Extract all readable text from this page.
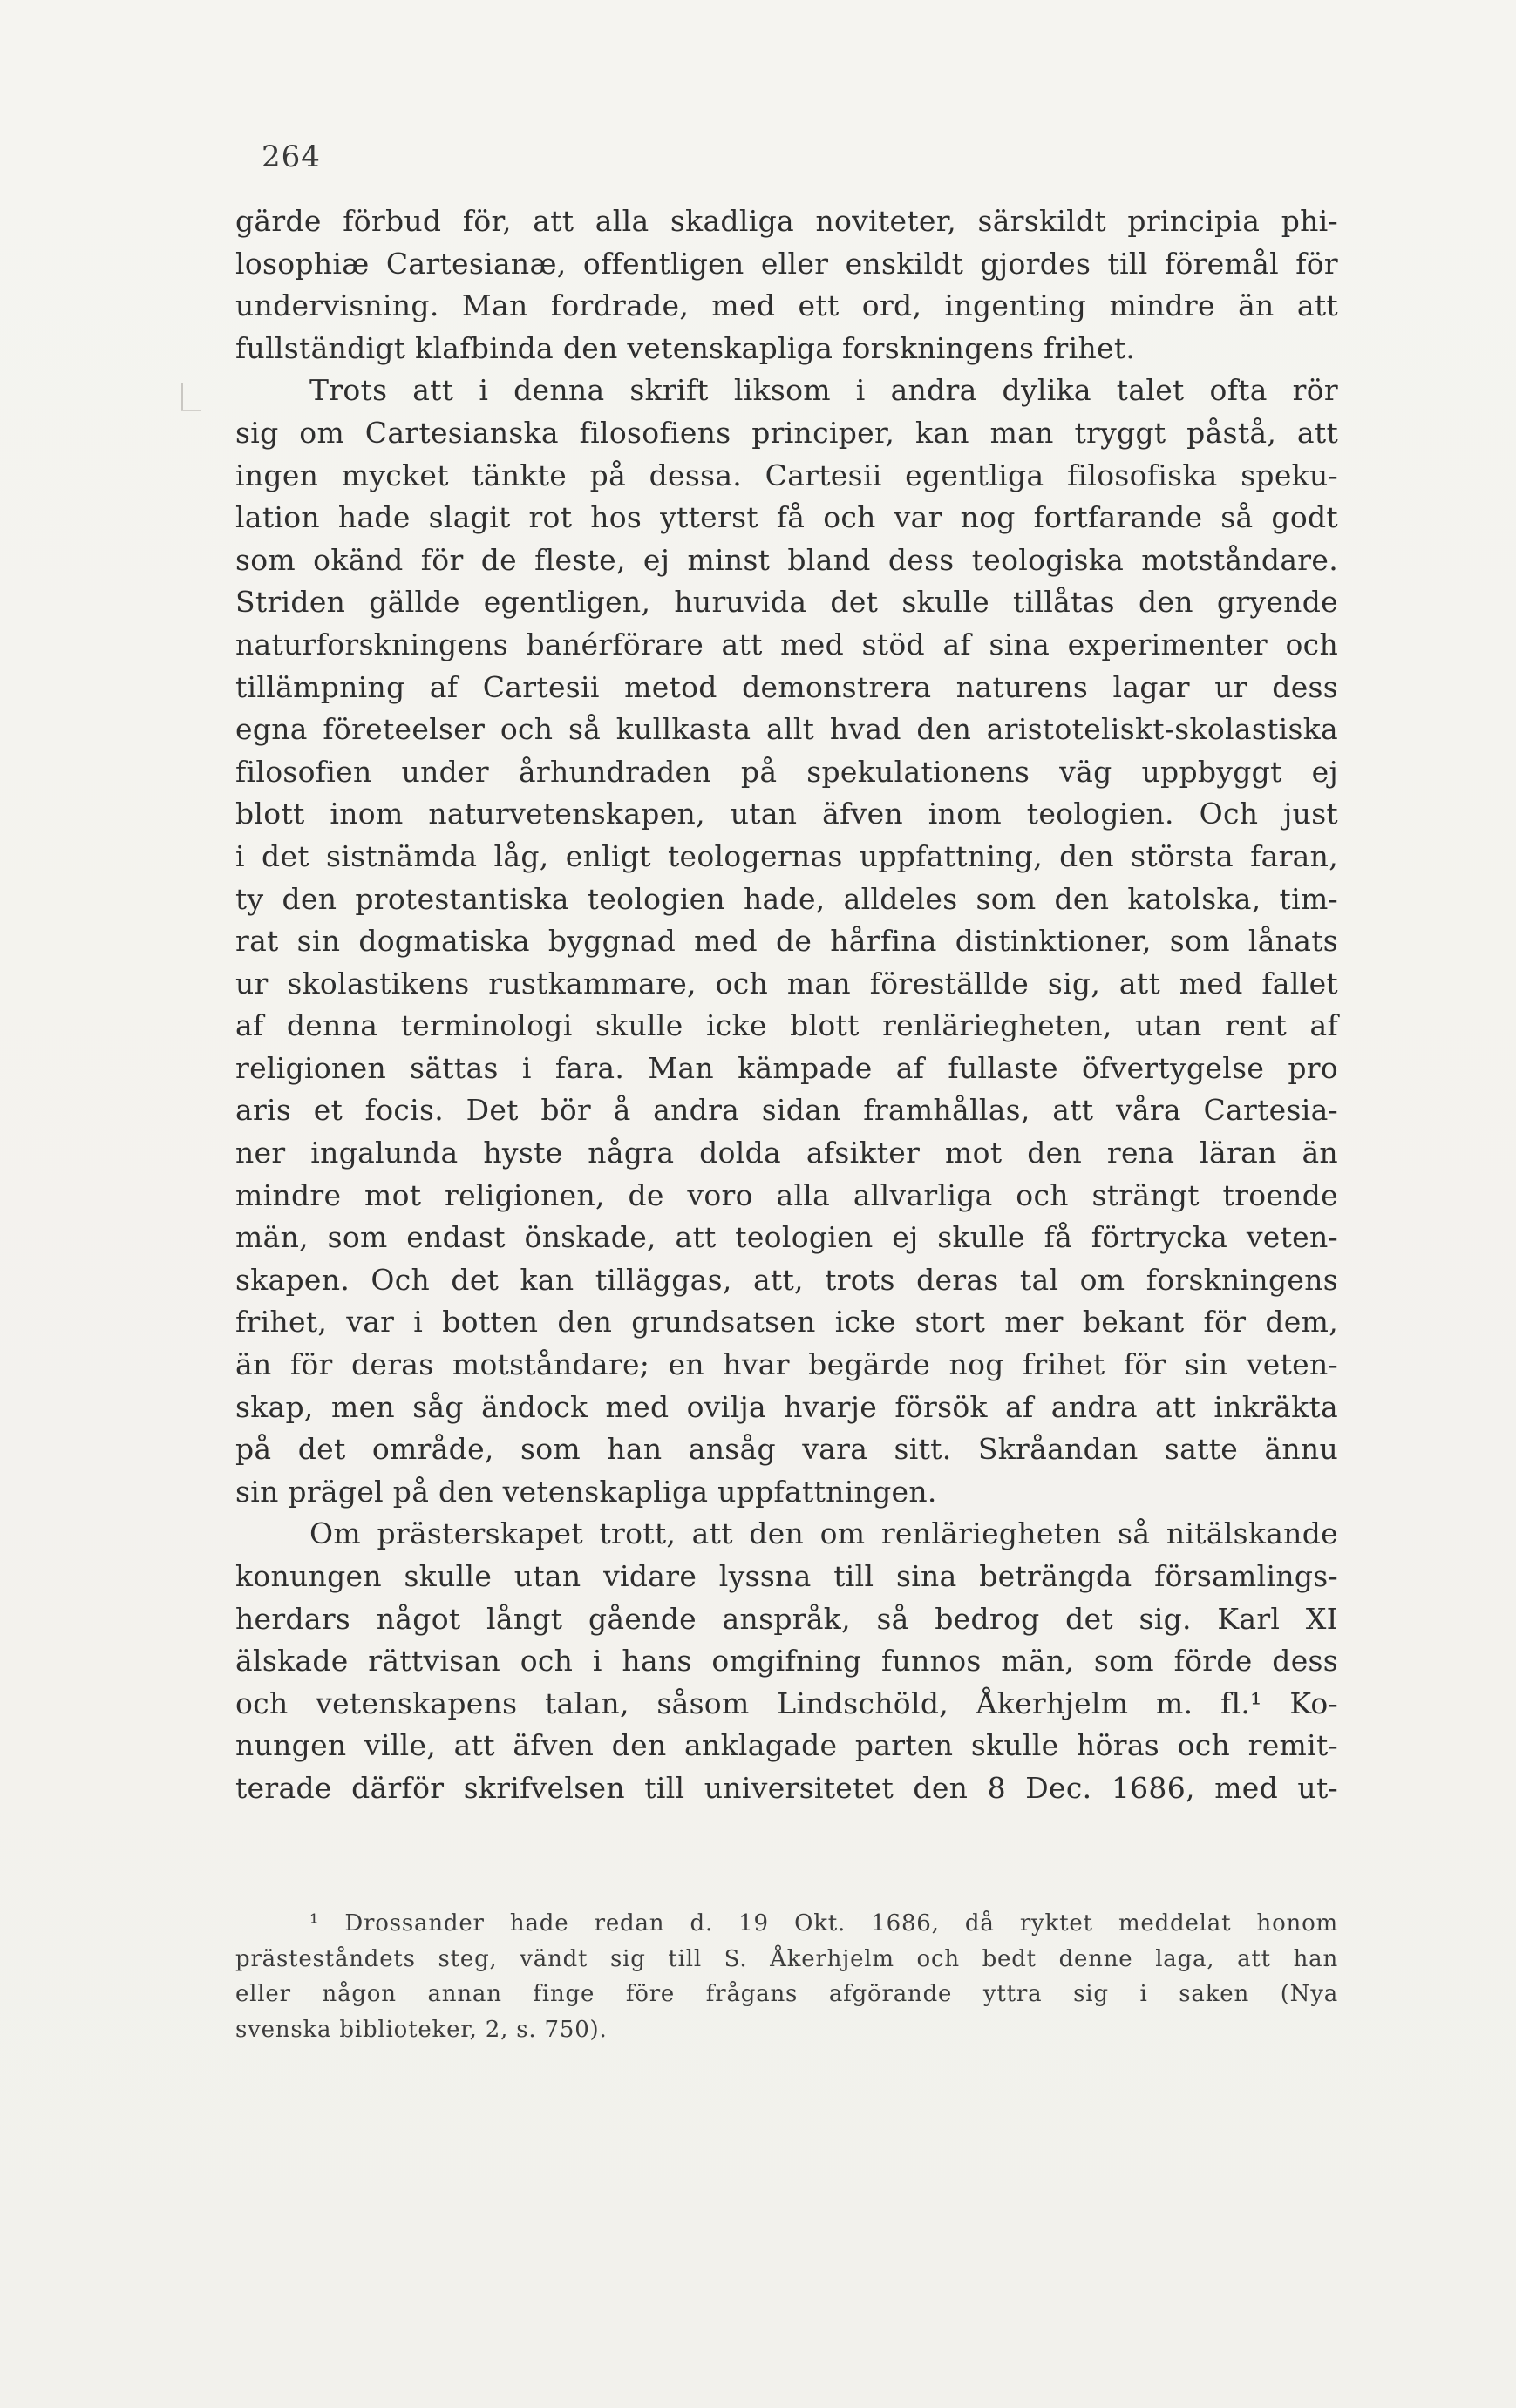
264
gärde förbud för, att alla skadliga noviteter, särskildt principia phi-
losophiæ Cartesianæ, offentligen eller enskildt gjordes till föremål för
undervisning. Man fordrade, med ett ord, ingenting mindre än att
fullständigt klafbinda den vetenskapliga forskningens frihet.
Trots att i denna skrift liksom i andra dylika talet ofta rör
sig om Cartesianska filosofiens principer, kan man tryggt påstå, att
ingen mycket tänkte på dessa. Cartesii egentliga filosofiska speku-
lation hade slagit rot hos ytterst få och var nog fortfarande så godt
som okänd för de fleste, ej minst bland dess teologiska motståndare.
Striden gällde egentligen, huruvida det skulle tillåtas den gryende
naturforskningens banérförare att med stöd af sina experimenter och
tillämpning af Cartesii metod demonstrera naturens lagar ur dess
egna företeelser och så kullkasta allt hvad den aristoteliskt-skolastiska
filosofien under århundraden på spekulationens väg uppbyggt ej
blott inom naturvetenskapen, utan äfven inom teologien. Och just
i det sistnämda låg, enligt teologernas uppfattning, den största faran,
ty den protestantiska teologien hade, alldeles som den katolska, tim-
rat sin dogmatiska byggnad med de hårfina distinktioner, som lånats
ur skolastikens rustkammare, och man föreställde sig, att med fallet
af denna terminologi skulle icke blott renläriegheten, utan rent af
religionen sättas i fara. Man kämpade af fullaste öfvertygelse pro
aris et focis. Det bör å andra sidan framhållas, att våra Cartesia-
ner ingalunda hyste några dolda afsikter mot den rena läran än
mindre mot religionen, de voro alla allvarliga och strängt troende
män, som endast önskade, att teologien ej skulle få förtrycka veten-
skapen. Och det kan tilläggas, att, trots deras tal om forskningens
frihet, var i botten den grundsatsen icke stort mer bekant för dem,
än för deras motståndare; en hvar begärde nog frihet för sin veten-
skap, men såg ändock med ovilja hvarje försök af andra att inkräkta
på det område, som han ansåg vara sitt. Skråandan satte ännu
sin prägel på den vetenskapliga uppfattningen.
Om prästerskapet trott, att den om renläriegheten så nitälskande
konungen skulle utan vidare lyssna till sina beträngda församlings-
herdars något långt gående anspråk, så bedrog det sig. Karl XI
älskade rättvisan och i hans omgifning funnos män, som förde dess
och vetenskapens talan, såsom Lindschöld, Åkerhjelm m. fl.¹ Ko-
nungen ville, att äfven den anklagade parten skulle höras och remit-
terade därför skrifvelsen till universitetet den 8 Dec. 1686, med ut-
¹ Drossander hade redan d. 19 Okt. 1686, då ryktet meddelat honom
prästeståndets steg, vändt sig till S. Åkerhjelm och bedt denne laga, att han
eller någon annan finge före frågans afgörande yttra sig i saken (Nya
svenska biblioteker, 2, s. 750).
